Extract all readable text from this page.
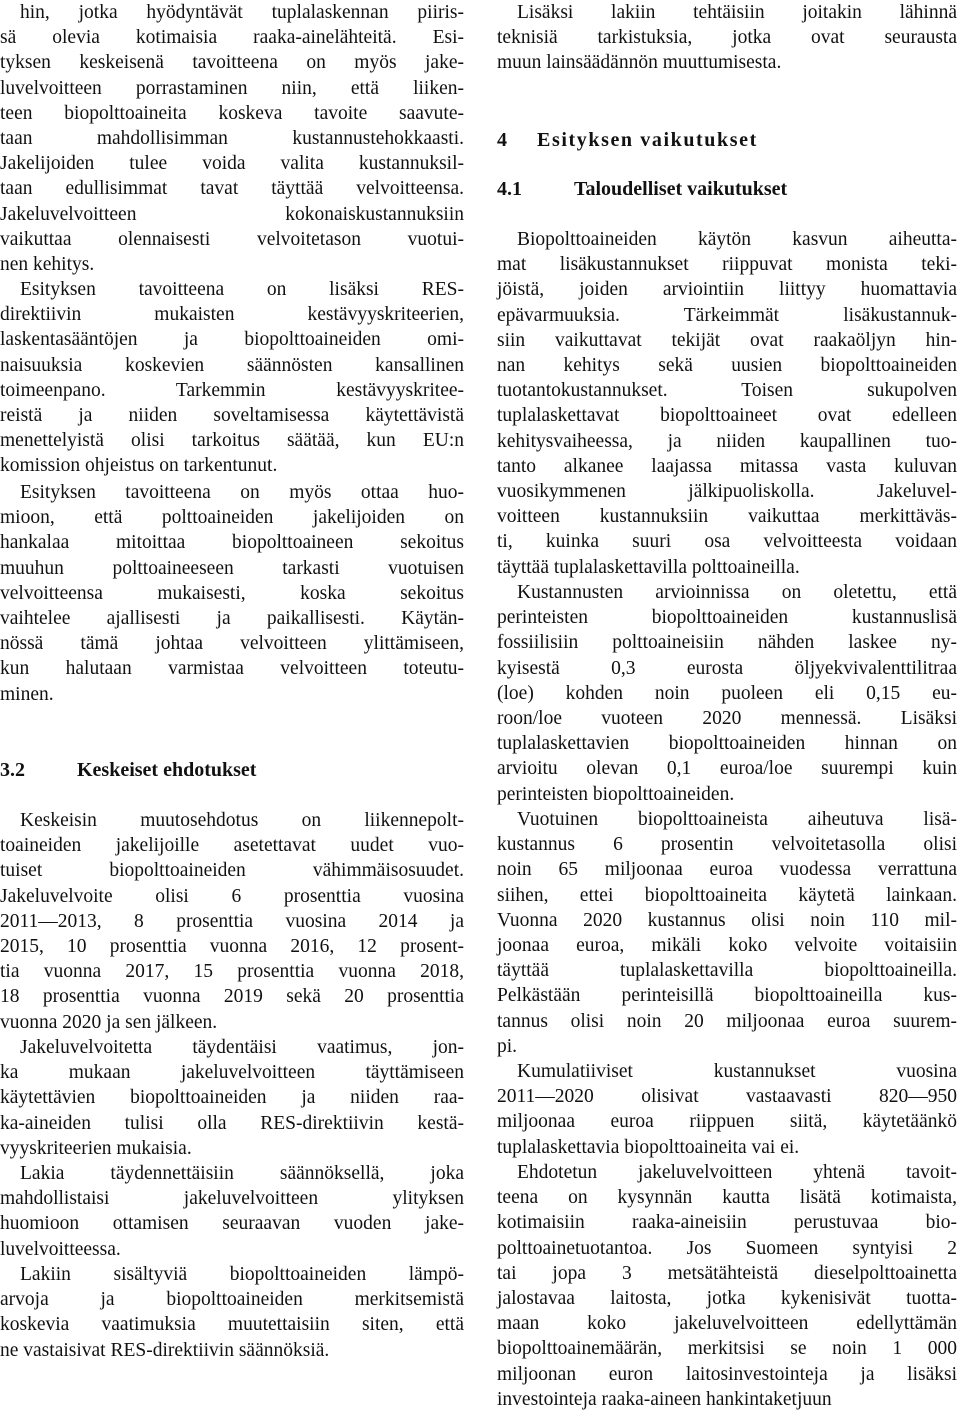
hin, jotka hyödyntävät tuplalaskennan piiris-
sä olevia kotimaisia raaka-ainelähteitä. Esi-
tyksen keskeisenä tavoitteena on myös jake-
luvelvoitteen porrastaminen niin, että liiken-
teen biopolttoaineita koskeva tavoite saavute-
taan mahdollisimman kustannustehokkaasti.
Jakelijoiden tulee voida valita kustannuksil-
taan edullisimmat tavat täyttää velvoitteensa.
Jakeluvelvoitteen kokonaiskustannuksiin
vaikuttaa olennaisesti velvoitetason vuotui-
nen kehitys.
Esityksen tavoitteena on lisäksi RES-
direktiivin mukaisten kestävyyskriteerien,
laskentasääntöjen ja biopolttoaineiden omi-
naisuuksia koskevien säännösten kansallinen
toimeenpano. Tarkemmin kestävyyskritee-
reistä ja niiden soveltamisessa käytettävistä
menettelyistä olisi tarkoitus säätää, kun EU:n
komission ohjeistus on tarkentunut.
Esityksen tavoitteena on myös ottaa huo-
mioon, että polttoaineiden jakelijoiden on
hankalaa mitoittaa biopolttoaineen sekoitus
muuhun polttoaineeseen tarkasti vuotuisen
velvoitteensa mukaisesti, koska sekoitus
vaihtelee ajallisesti ja paikallisesti. Käytän-
nössä tämä johtaa velvoitteen ylittämiseen,
kun halutaan varmistaa velvoitteen toteutu-
minen.
3.2	Keskeiset ehdotukset
Keskeisin muutosehdotus on liikennepolt-
toaineiden jakelijoille asetettavat uudet vuo-
tuiset biopolttoaineiden vähimmäisosuudet.
Jakeluvelvoite olisi 6 prosenttia vuosina
2011—2013, 8 prosenttia vuosina 2014 ja
2015, 10 prosenttia vuonna 2016, 12 prosent-
tia vuonna 2017, 15 prosenttia vuonna 2018,
18 prosenttia vuonna 2019 sekä 20 prosenttia
vuonna 2020 ja sen jälkeen.
Jakeluvelvoitetta täydentäisi vaatimus, jon-
ka mukaan jakeluvelvoitteen täyttämiseen
käytettävien biopolttoaineiden ja niiden raa-
ka-aineiden tulisi olla RES-direktiivin kestä-
vyyskriteerien mukaisia.
Lakia täydennettäisiin säännöksellä, joka
mahdollistaisi jakeluvelvoitteen ylityksen
huomioon ottamisen seuraavan vuoden jake-
luvelvoitteessa.
Lakiin sisältyviä biopolttoaineiden lämpö-
arvoja ja biopolttoaineiden merkitsemistä
koskevia vaatimuksia muutettaisiin siten, että
ne vastaisivat RES-direktiivin säännöksiä.
Lisäksi lakiin tehtäisiin joitakin lähinnä
teknisiä tarkistuksia, jotka ovat seurausta
muun lainsäädännön muuttumisesta.
4 Esityksen vaikutukset
4.1	Taloudelliset vaikutukset
Biopolttoaineiden käytön kasvun aiheutta-
mat lisäkustannukset riippuvat monista teki-
jöistä, joiden arviointiin liittyy huomattavia
epävarmuuksia. Tärkeimmät lisäkustannuk-
siin vaikuttavat tekijät ovat raakaöljyn hin-
nan kehitys sekä uusien biopolttoaineiden
tuotantokustannukset. Toisen sukupolven
tuplalaskettavat biopolttoaineet ovat edelleen
kehitysvaiheessa, ja niiden kaupallinen tuo-
tanto alkanee laajassa mitassa vasta kuluvan
vuosikymmenen jälkipuoliskolla. Jakeluvel-
voitteen kustannuksiin vaikuttaa merkittäväs-
ti, kuinka suuri osa velvoitteesta voidaan
täyttää tuplalaskettavilla polttoaineilla.
Kustannusten arvioinnissa on oletettu, että
perinteisten biopolttoaineiden kustannuslisä
fossiilisiin polttoaineisiin nähden laskee ny-
kyisestä 0,3 eurosta öljyekvivalenttilitraa
(loe) kohden noin puoleen eli 0,15 eu-
roon/loe vuoteen 2020 mennessä. Lisäksi
tuplalaskettavien biopolttoaineiden hinnan on
arvioitu olevan 0,1 euroa/loe suurempi kuin
perinteisten biopolttoaineiden.
Vuotuinen biopolttoaineista aiheutuva lisä-
kustannus 6 prosentin velvoitetasolla olisi
noin 65 miljoonaa euroa vuodessa verrattuna
siihen, ettei biopolttoaineita käytetä lainkaan.
Vuonna 2020 kustannus olisi noin 110 mil-
joonaa euroa, mikäli koko velvoite voitaisiin
täyttää tuplalaskettavilla biopolttoaineilla.
Pelkästään perinteisillä biopolttoaineilla kus-
tannus olisi noin 20 miljoonaa euroa suurem-
pi.
Kumulatiiviset kustannukset vuosina
2011—2020 olisivat vastaavasti 820—950
miljoonaa euroa riippuen siitä, käytetäänkö
tuplalaskettavia biopolttoaineita vai ei.
Ehdotetun jakeluvelvoitteen yhtenä tavoit-
teena on kysynnän kautta lisätä kotimaista,
kotimaisiin raaka-aineisiin perustuvaa bio-
polttoainetuotantoa. Jos Suomeen syntyisi 2
tai jopa 3 metsätähteistä dieselpolttoainetta
jalostavaa laitosta, jotka kykenisivät tuotta-
maan koko jakeluvelvoitteen edellyttämän
biopolttoainemäärän, merkitsisi se noin 1 000
miljoonan euron laitosinvestointeja ja lisäksi
investointeja raaka-aineen hankintaketjuun
